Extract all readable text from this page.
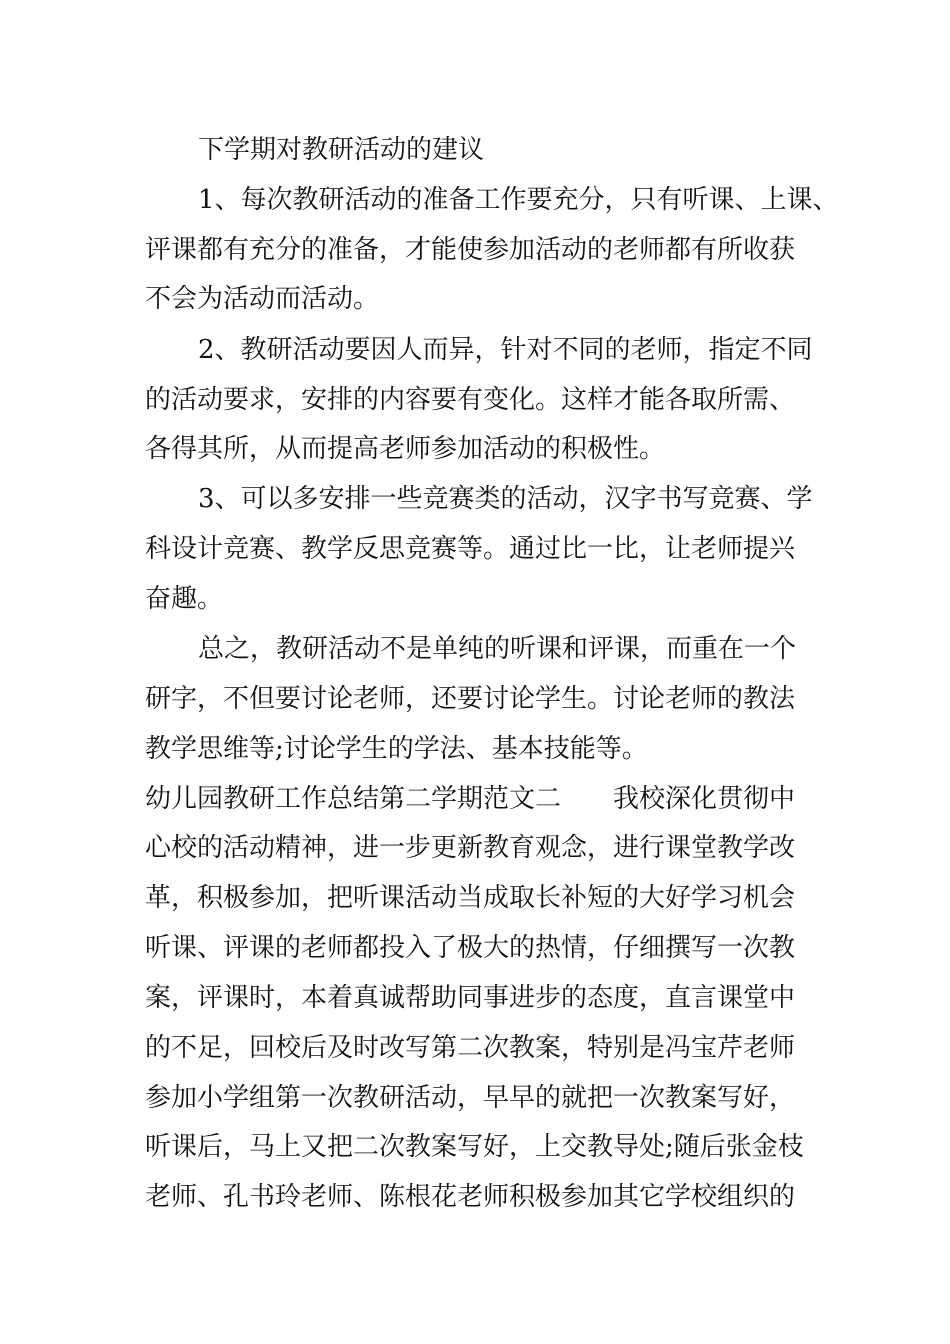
下学期对教研活动的建议
1、每次教研活动的准备工作要充分，只有听课、上课、
评课都有充分的准备，才能使参加活动的老师都有所收获
不会为活动而活动。
2、教研活动要因人而异，针对不同的老师，指定不同
的活动要求，安排的内容要有变化。这样才能各取所需、
各得其所，从而提高老师参加活动的积极性。
3、可以多安排一些竞赛类的活动，汉字书写竞赛、学
科设计竞赛、教学反思竞赛等。通过比一比，让老师提兴
奋趣。
总之，教研活动不是单纯的听课和评课，而重在一个
研字，不但要讨论老师，还要讨论学生。讨论老师的教法
教学思维等;讨论学生的学法、基本技能等。
幼儿园教研工作总结第二学期范文二　　我校深化贯彻中
心校的活动精神，进一步更新教育观念，进行课堂教学改
革，积极参加，把听课活动当成取长补短的大好学习机会
听课、评课的老师都投入了极大的热情，仔细撰写一次教
案，评课时，本着真诚帮助同事进步的态度，直言课堂中
的不足，回校后及时改写第二次教案，特别是冯宝芹老师
参加小学组第一次教研活动，早早的就把一次教案写好，
听课后，马上又把二次教案写好，上交教导处;随后张金枝
老师、孔书玲老师、陈根花老师积极参加其它学校组织的
